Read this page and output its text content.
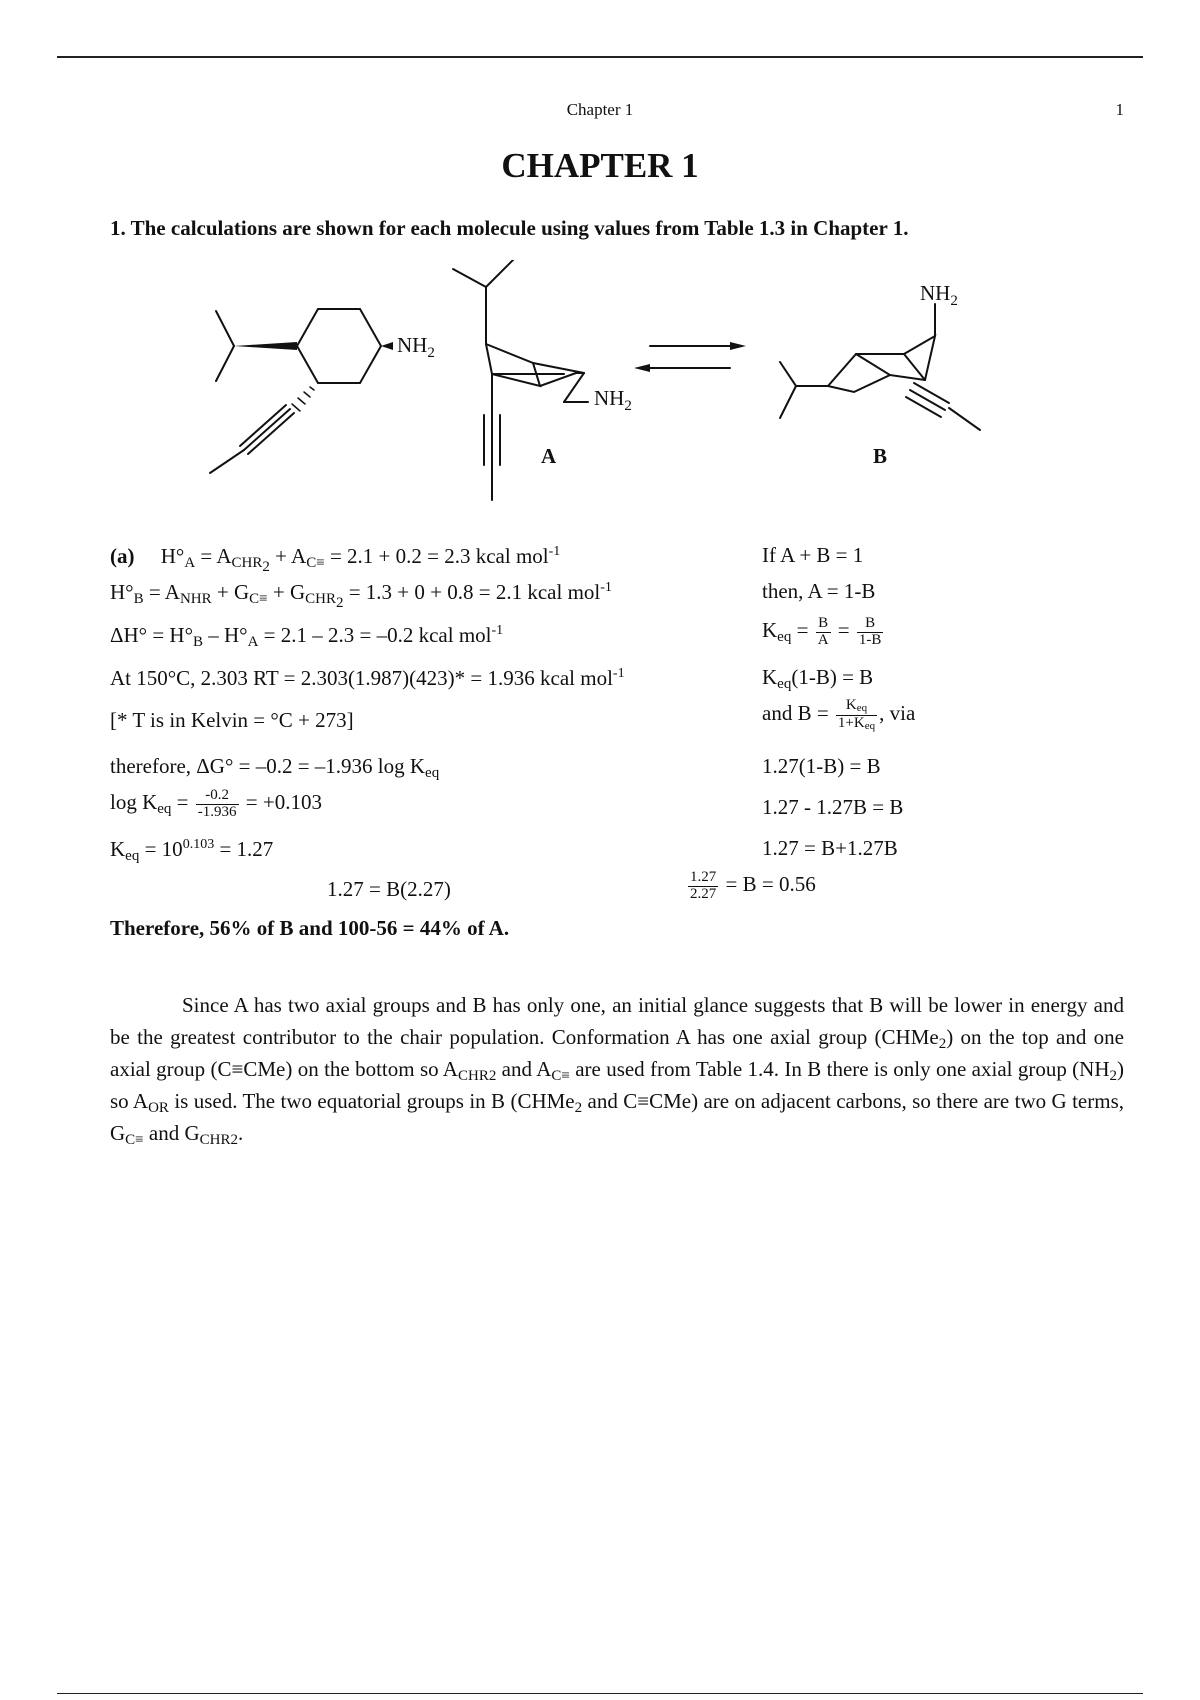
Chapter 1	1
CHAPTER 1
1. The calculations are shown for each molecule using values from Table 1.3 in Chapter 1.
$NH_2$
$NH_2$
$NH_2$
A	B
(a) $H^\circ_A = A_{CHR_2} + A_{C\equiv} = 2.1 + 0.2 = 2.3$ kcal mol$^{-1}$
$H^\circ_B = A_{NHR} + G_{C\equiv} + G_{CHR_2} = 1.3 + 0 + 0.8 = 2.1$ kcal mol$^{-1}$
$\Delta H^\circ = H^\circ_B - H^\circ_A = 2.1 - 2.3 = -0.2$ kcal mol$^{-1}$
At 150°C, 2.303 RT = 2.303(1.987)(423)* = 1.936 kcal mol$^{-1}$
[* T is in Kelvin = °C + 273]
therefore, ΔG° = –0.2 = –1.936 $\log K_{eq}$
$\log K_{eq} = \frac{-0.2}{-1.936} = +0.103$
$K_{eq} = 10^{0.103} = 1.27$
1.27 = B(2.27)
If A + B = 1
then, A = 1-B
$K_{eq} = \frac{B}{A} = \frac{B}{1-B}$
$K_{eq}(1-B) = B$
and $B = \frac{K_{eq}}{1+K_{eq}}$ , via
1.27(1-B) = B
1.27 - 1.27B = B
1.27 = B+1.27B
$\frac{1.27}{2.27} = B = 0.56$
Therefore, 56% of B and 100-56 = 44% of A.

Since A has two axial groups and B has only one, an initial glance suggests that B will be lower in energy and be the greatest contributor to the chair population. Conformation A has one axial group (CHMe$_2$) on the top and one axial group (C≡CMe) on the bottom so $A_{CHR2}$ and $A_{C\equiv}$ are used from Table 1.4. In B there is only one axial group $(NH_2)$ so $A_{OR}$ is used. The two equatorial groups in B (CHMe$_2$ and C≡CMe) are on adjacent carbons, so there are two G terms, $G_{C\equiv}$ and $G_{CHR2}$.
